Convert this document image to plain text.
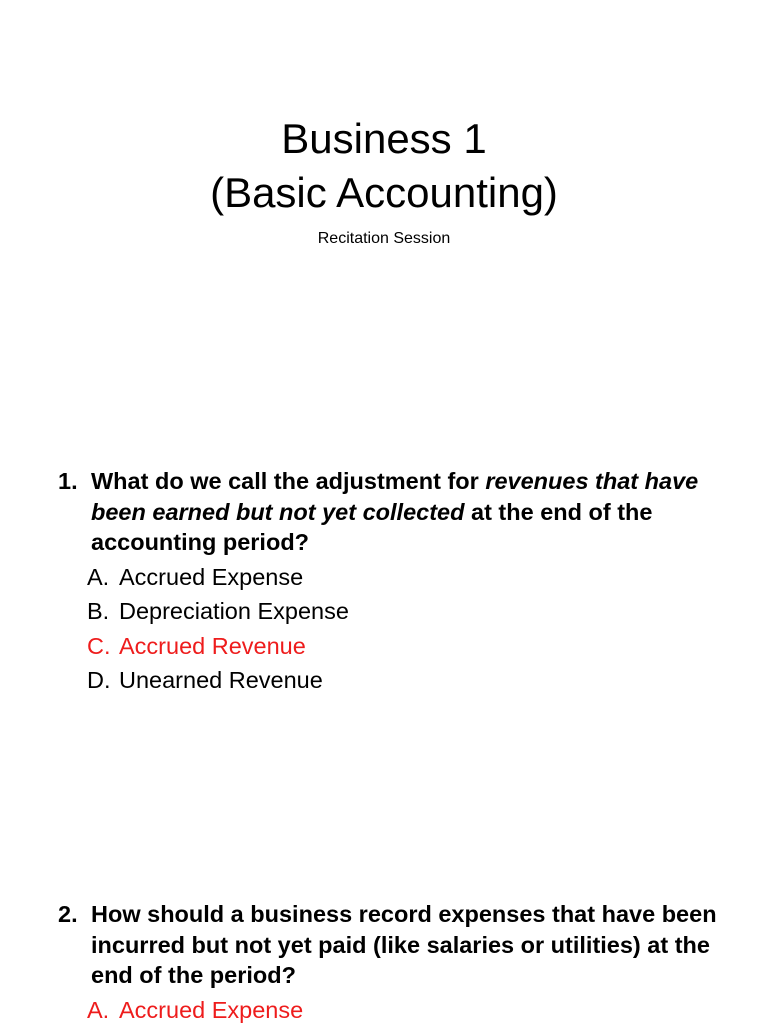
Business 1
(Basic Accounting)
Recitation Session
1. What do we call the adjustment for revenues that have been earned but not yet collected at the end of the accounting period?
A. Accrued Expense
B. Depreciation Expense
C. Accrued Revenue
D. Unearned Revenue
2. How should a business record expenses that have been incurred but not yet paid (like salaries or utilities) at the end of the period?
A. Accrued Expense
